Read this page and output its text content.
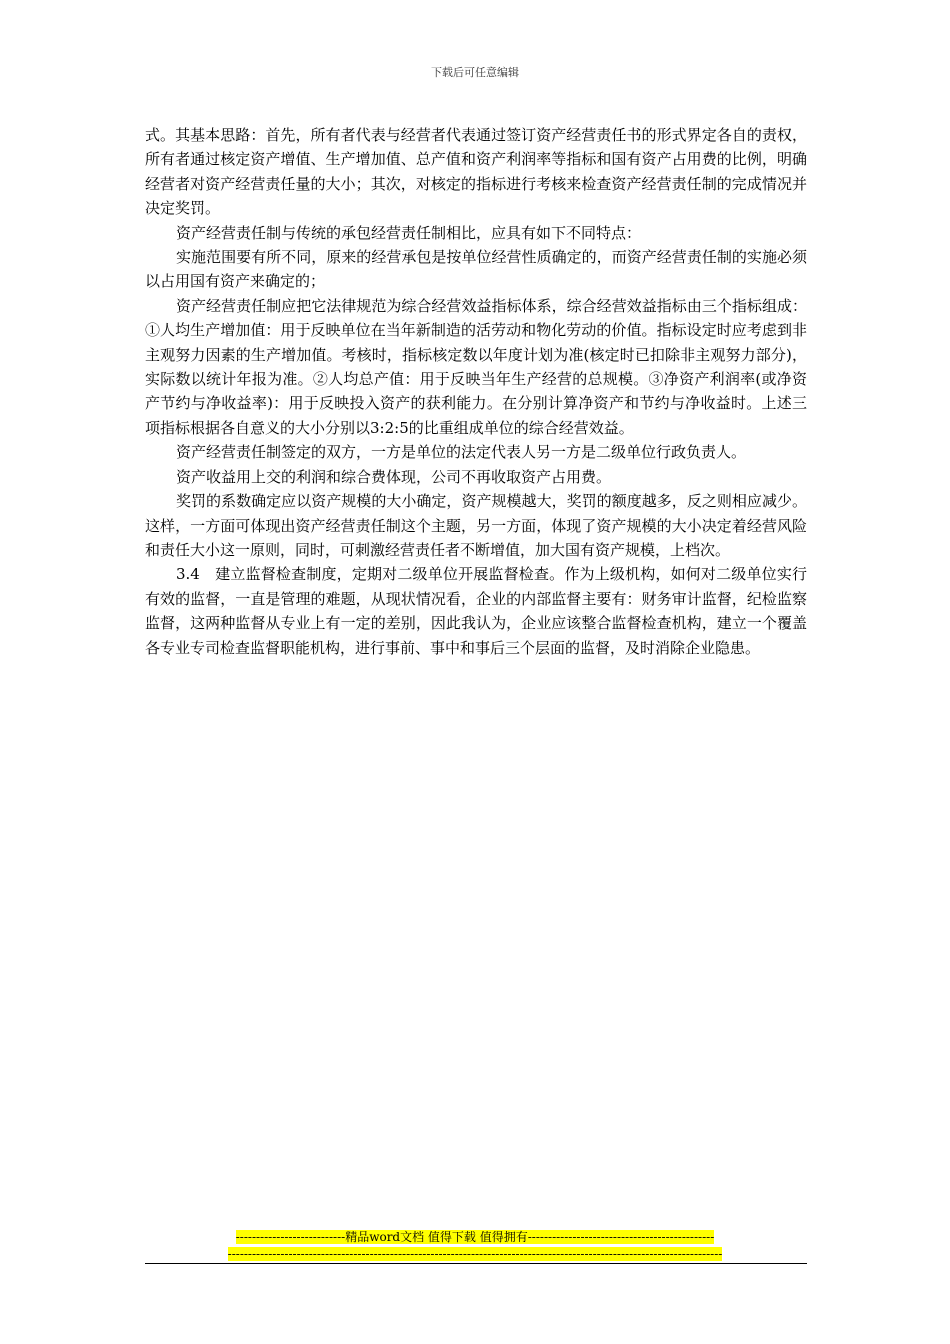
下载后可任意编辑

式。其基本思路：首先，所有者代表与经营者代表通过签订资产经营责任书的形式界定各自的责权，所有者通过核定资产增值、生产增加值、总产值和资产利润率等指标和国有资产占用费的比例，明确经营者对资产经营责任量的大小；其次，对核定的指标进行考核来检查资产经营责任制的完成情况并决定奖罚。

资产经营责任制与传统的承包经营责任制相比，应具有如下不同特点：

实施范围要有所不同，原来的经营承包是按单位经营性质确定的，而资产经营责任制的实施必须以占用国有资产来确定的；

资产经营责任制应把它法律规范为综合经营效益指标体系，综合经营效益指标由三个指标组成：①人均生产增加值：用于反映单位在当年新制造的活劳动和物化劳动的价值。指标设定时应考虑到非主观努力因素的生产增加值。考核时，指标核定数以年度计划为准(核定时已扣除非主观努力部分)，实际数以统计年报为准。②人均总产值：用于反映当年生产经营的总规模。③净资产利润率(或净资产节约与净收益率)：用于反映投入资产的获利能力。在分别计算净资产和节约与净收益时。上述三项指标根据各自意义的大小分别以3:2:5的比重组成单位的综合经营效益。

资产经营责任制签定的双方，一方是单位的法定代表人另一方是二级单位行政负责人。

资产收益用上交的利润和综合费体现，公司不再收取资产占用费。

奖罚的系数确定应以资产规模的大小确定，资产规模越大，奖罚的额度越多，反之则相应减少。这样，一方面可体现出资产经营责任制这个主题，另一方面，体现了资产规模的大小决定着经营风险和责任大小这一原则，同时，可刺激经营责任者不断增值，加大国有资产规模，上档次。

3.4　建立监督检查制度，定期对二级单位开展监督检查。作为上级机构，如何对二级单位实行有效的监督，一直是管理的难题，从现状情况看，企业的内部监督主要有：财务审计监督，纪检监察监督，这两种监督从专业上有一定的差别，因此我认为，企业应该整合监督检查机构，建立一个覆盖各专业专司检查监督职能机构，进行事前、事中和事后三个层面的监督，及时消除企业隐患。

---------------------------精品word文档 值得下载 值得拥有----------------------------------------------
--------------------------------------------------------------------------------------------------------------------------
